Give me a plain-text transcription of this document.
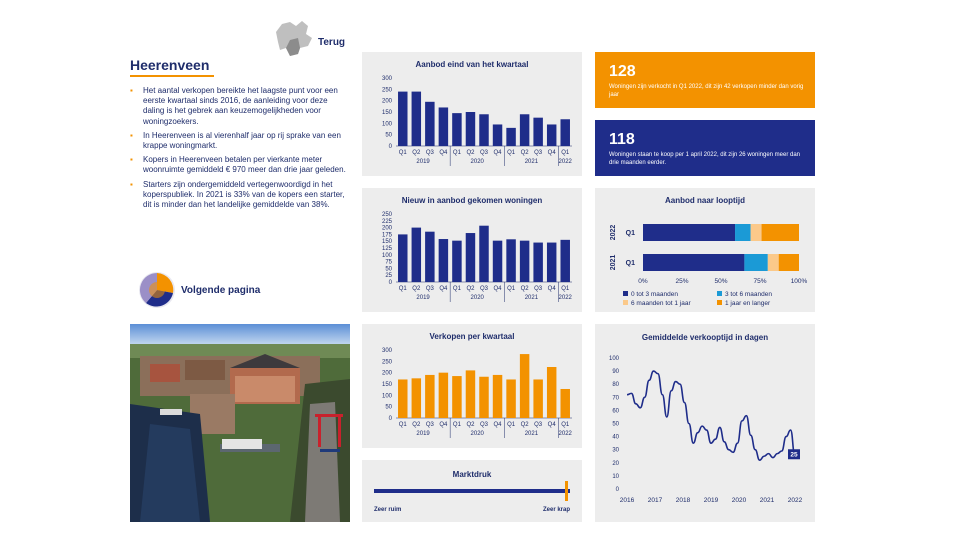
Terug
Heerenveen
▪ Het aantal verkopen bereikte het laagste punt voor een eerste kwartaal sinds 2016, de aanleiding voor deze daling is het gebrek aan keuzemogelijkheden voor woningzoekers.
▪ In Heerenveen is al vierenhalf jaar op rij sprake van een krappe woningmarkt.
▪ Kopers in Heerenveen betalen per vierkante meter woonruimte gemiddeld € 970 meer dan drie jaar geleden.
▪ Starters zijn ondergemiddeld vertegenwoordigd in het koperspubliek. In 2021 is 33% van de kopers een starter, dit is minder dan het landelijke gemiddelde van 38%.
Volgende pagina
Aanbod eind van het kwartaal
0
50
100
150
200
250
300
Q1 Q2 Q3 Q4 Q1 Q2 Q3 Q4 Q1 Q2 Q3 Q4 Q1
2019	2020	2021	2022
Nieuw in aanbod gekomen woningen
0
25
50
75
100
125
150
175
200
225
250
Q1 Q2 Q3 Q4 Q1 Q2 Q3 Q4 Q1 Q2 Q3 Q4 Q1
2019	2020	2021	2022
Verkopen per kwartaal
0
50
100
150
200
250
300
Q1 Q2 Q3 Q4 Q1 Q2 Q3 Q4 Q1 Q2 Q3 Q4 Q1
2019	2020	2021	2022
Marktdruk
Zeer ruim	Zeer krap
128
Woningen zijn verkocht in Q1 2022, dit zijn 42 verkopen minder dan vorig jaar
118
Woningen staan te koop per 1 april 2022, dit zijn 26 woningen meer dan drie maanden eerder.
Aanbod naar looptijd
2022 Q1
2021 Q1
0%	25%	50%	75%	100%
0 tot 3 maanden	3 tot 6 maanden
6 maanden tot 1 jaar	1 jaar en langer
Gemiddelde verkooptijd in dagen
0
10
20
30
40
50
60
70
80
90
100
2016 2017 2018 2019 2020 2021 2022
25
